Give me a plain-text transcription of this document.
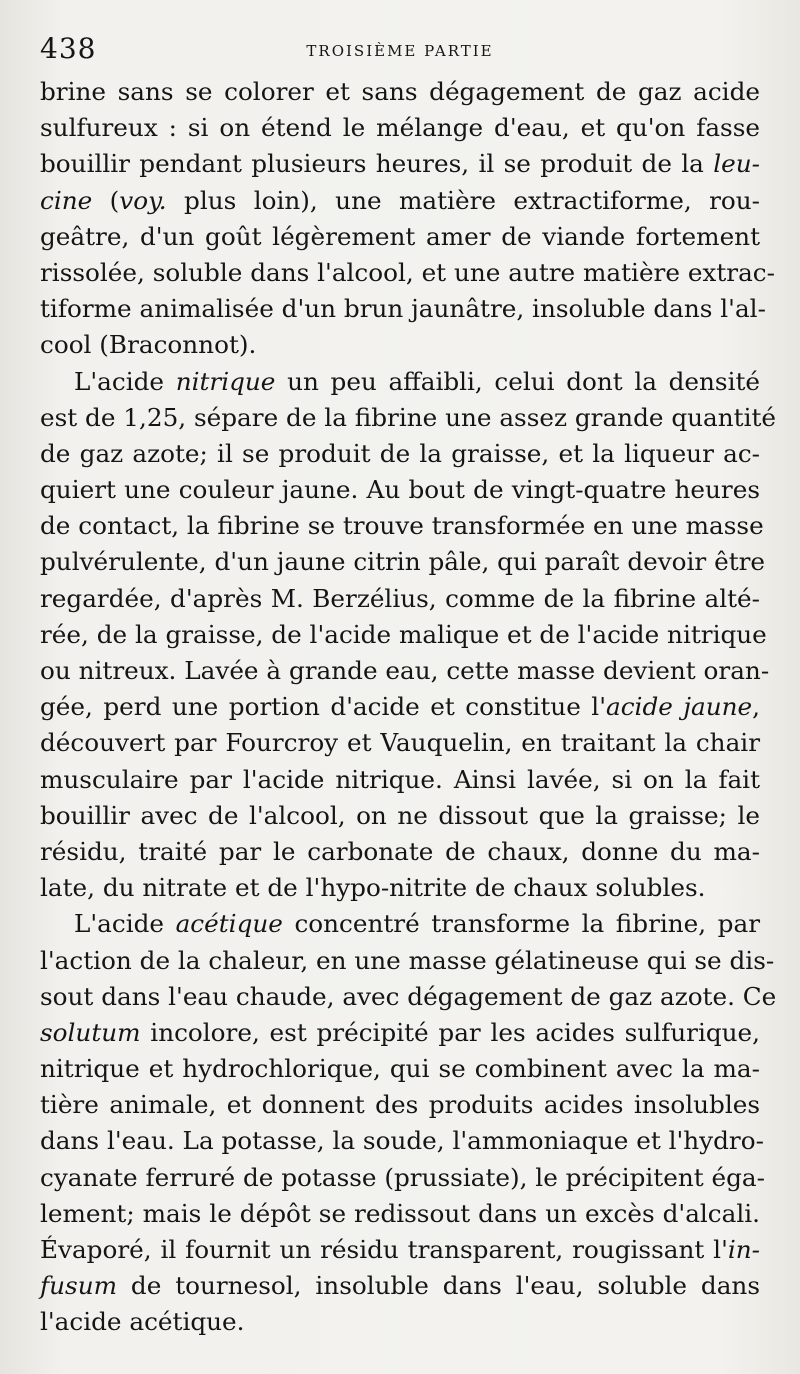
438	TROISIÈME PARTIE
brine sans se colorer et sans dégagement de gaz acide
sulfureux : si on étend le mélange d'eau, et qu'on fasse
bouillir pendant plusieurs heures, il se produit de la leu-
cine (voy. plus loin), une matière extractiforme, rou-
geâtre, d'un goût légèrement amer de viande fortement
rissolée, soluble dans l'alcool, et une autre matière extrac-
tiforme animalisée d'un brun jaunâtre, insoluble dans l'al-
cool (Braconnot).
L'acide nitrique un peu affaibli, celui dont la densité
est de 1,25, sépare de la fibrine une assez grande quantité
de gaz azote; il se produit de la graisse, et la liqueur ac-
quiert une couleur jaune. Au bout de vingt-quatre heures
de contact, la fibrine se trouve transformée en une masse
pulvérulente, d'un jaune citrin pâle, qui paraît devoir être
regardée, d'après M. Berzélius, comme de la fibrine alté-
rée, de la graisse, de l'acide malique et de l'acide nitrique
ou nitreux. Lavée à grande eau, cette masse devient oran-
gée, perd une portion d'acide et constitue l'acide jaune,
découvert par Fourcroy et Vauquelin, en traitant la chair
musculaire par l'acide nitrique. Ainsi lavée, si on la fait
bouillir avec de l'alcool, on ne dissout que la graisse; le
résidu, traité par le carbonate de chaux, donne du ma-
late, du nitrate et de l'hypo-nitrite de chaux solubles.
L'acide acétique concentré transforme la fibrine, par
l'action de la chaleur, en une masse gélatineuse qui se dis-
sout dans l'eau chaude, avec dégagement de gaz azote. Ce
solutum incolore, est précipité par les acides sulfurique,
nitrique et hydrochlorique, qui se combinent avec la ma-
tière animale, et donnent des produits acides insolubles
dans l'eau. La potasse, la soude, l'ammoniaque et l'hydro-
cyanate ferruré de potasse (prussiate), le précipitent éga-
lement; mais le dépôt se redissout dans un excès d'alcali.
Évaporé, il fournit un résidu transparent, rougissant l'in-
fusum de tournesol, insoluble dans l'eau, soluble dans
l'acide acétique.
